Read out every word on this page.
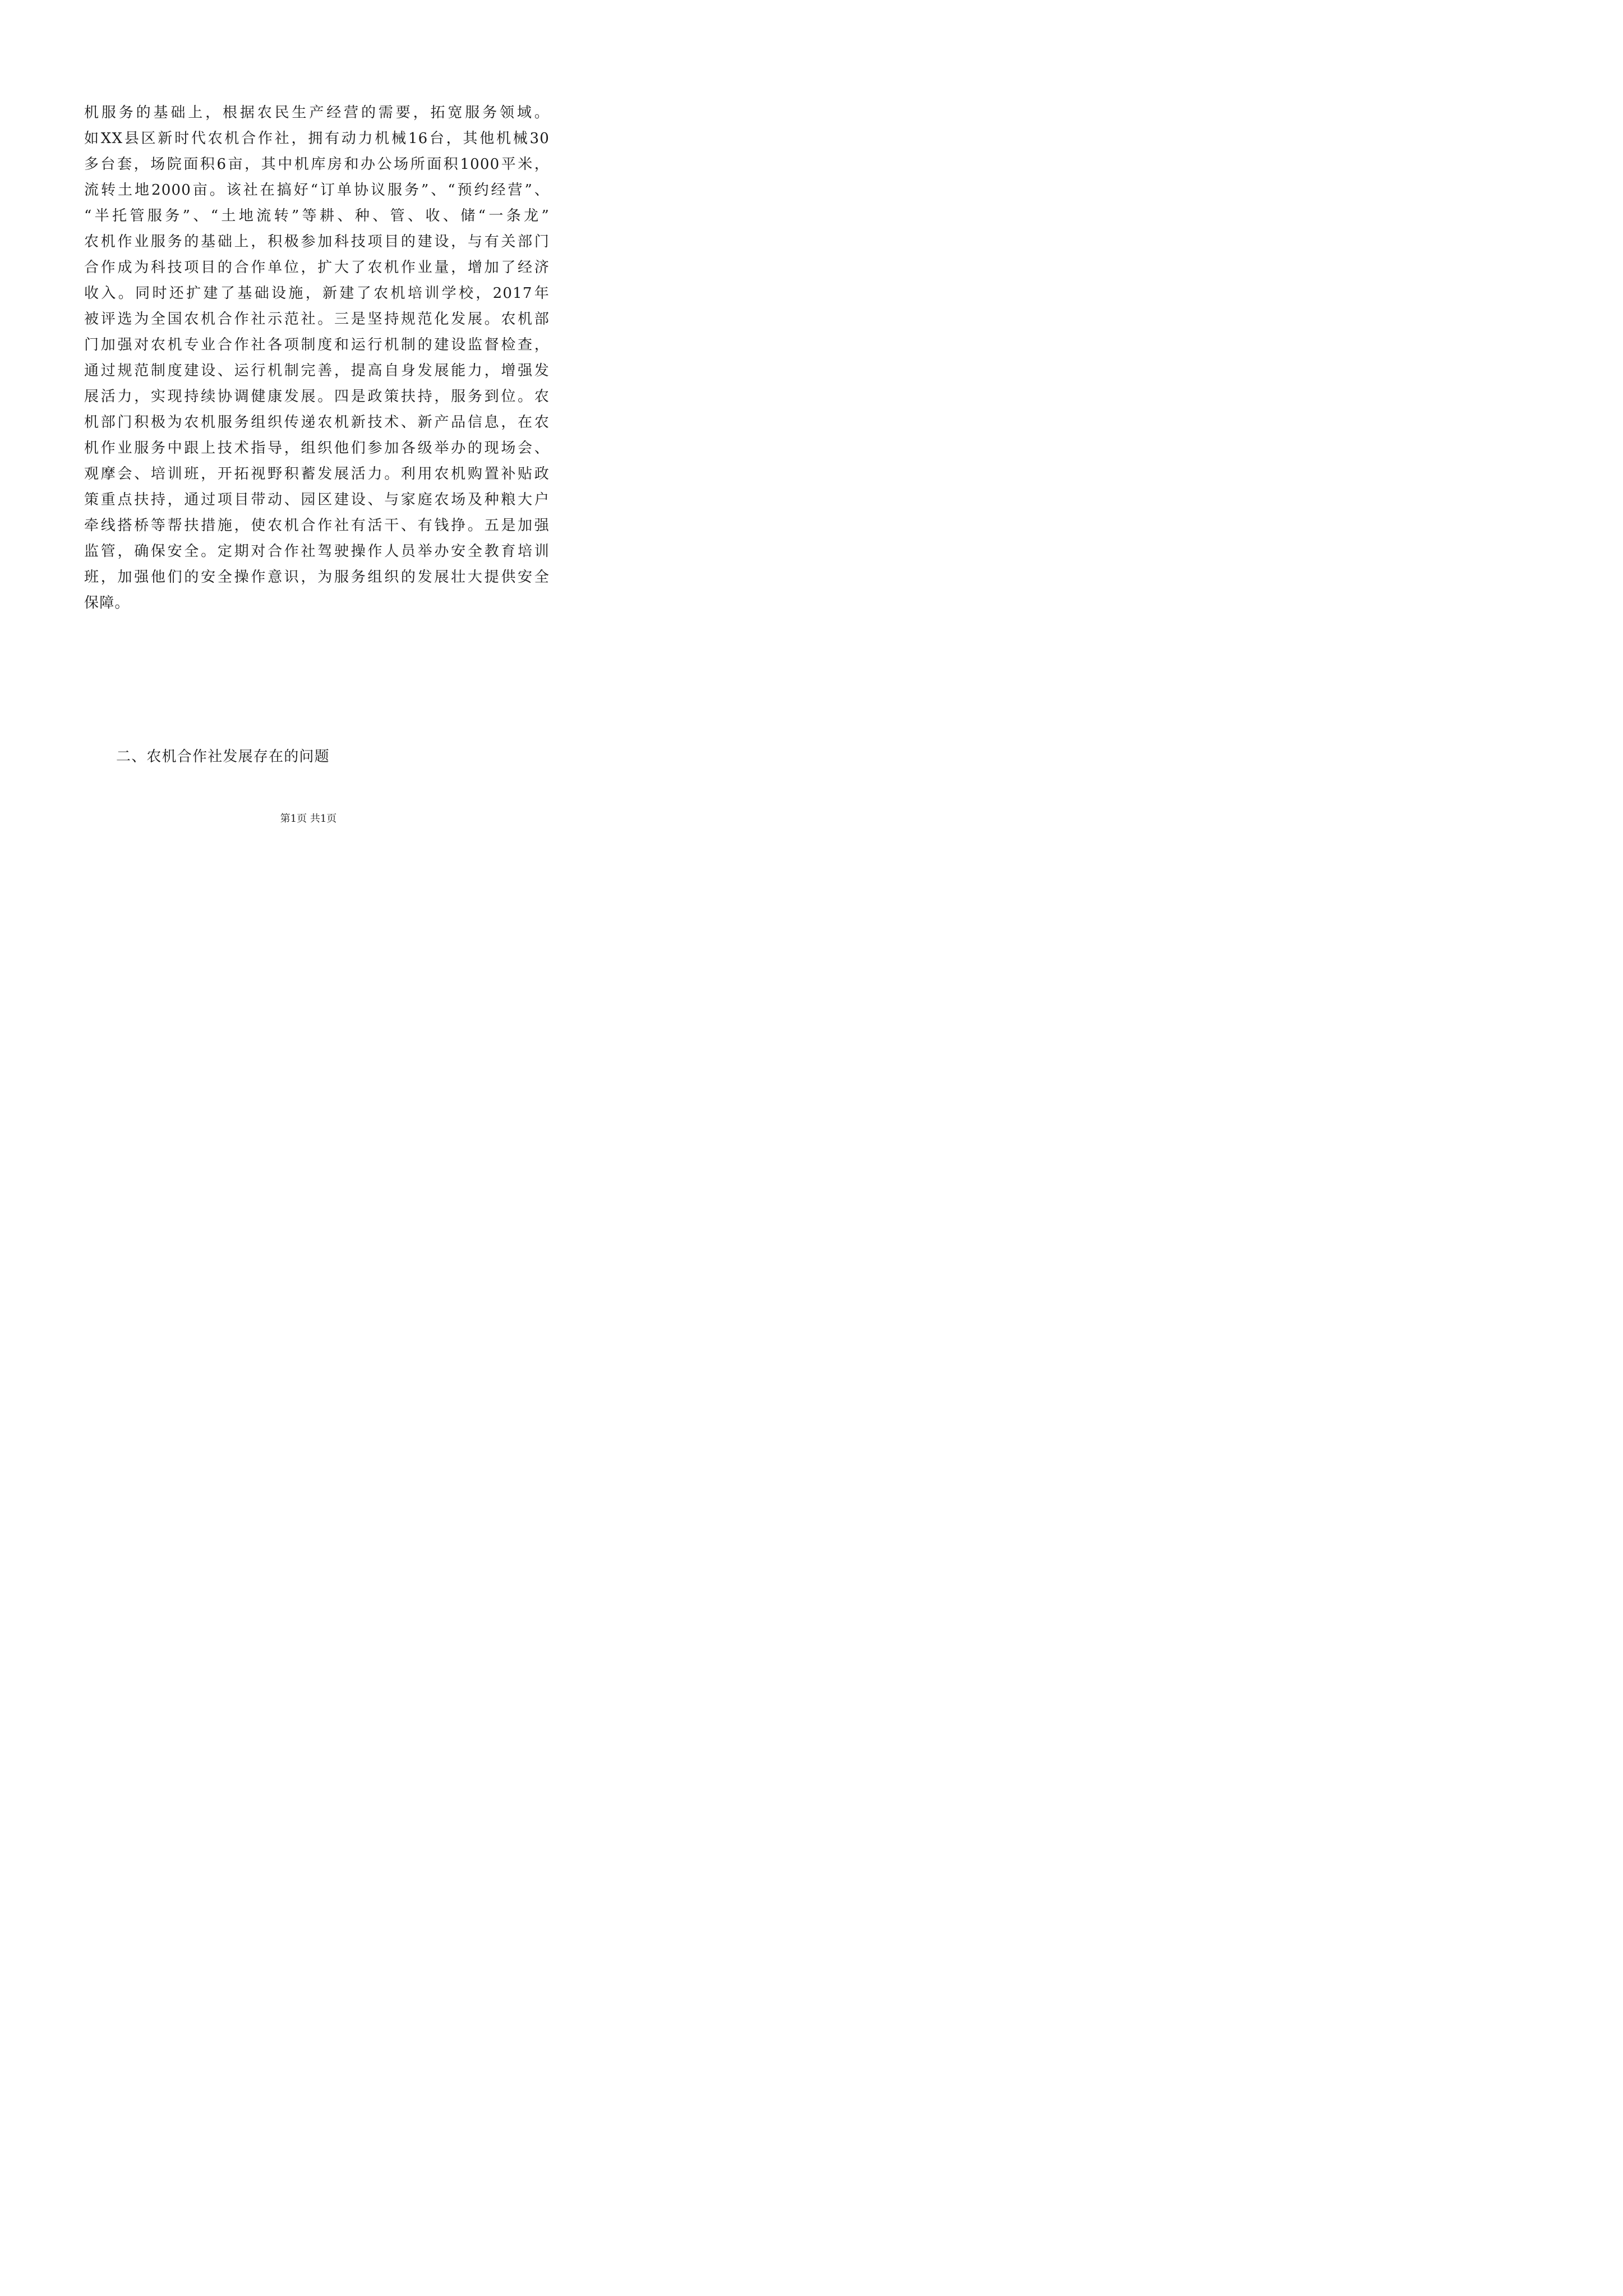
机服务的基础上，根据农民生产经营的需要，拓宽服务领域。
如XX县区新时代农机合作社，拥有动力机械16台，其他机械30
多台套，场院面积6亩，其中机库房和办公场所面积1000平米，
流转土地2000亩。该社在搞好“订单协议服务”、“预约经营”、
“半托管服务”、“土地流转”等耕、种、管、收、储“一条龙”
农机作业服务的基础上，积极参加科技项目的建设，与有关部门
合作成为科技项目的合作单位，扩大了农机作业量，增加了经济
收入。同时还扩建了基础设施，新建了农机培训学校，2017年
被评选为全国农机合作社示范社。三是坚持规范化发展。农机部
门加强对农机专业合作社各项制度和运行机制的建设监督检查，
通过规范制度建设、运行机制完善，提高自身发展能力，增强发
展活力，实现持续协调健康发展。四是政策扶持，服务到位。农
机部门积极为农机服务组织传递农机新技术、新产品信息，在农
机作业服务中跟上技术指导，组织他们参加各级举办的现场会、
观摩会、培训班，开拓视野积蓄发展活力。利用农机购置补贴政
策重点扶持，通过项目带动、园区建设、与家庭农场及种粮大户
牵线搭桥等帮扶措施，使农机合作社有活干、有钱挣。五是加强
监管，确保安全。定期对合作社驾驶操作人员举办安全教育培训
班，加强他们的安全操作意识，为服务组织的发展壮大提供安全
保障。
二、农机合作社发展存在的问题
第1页 共1页
